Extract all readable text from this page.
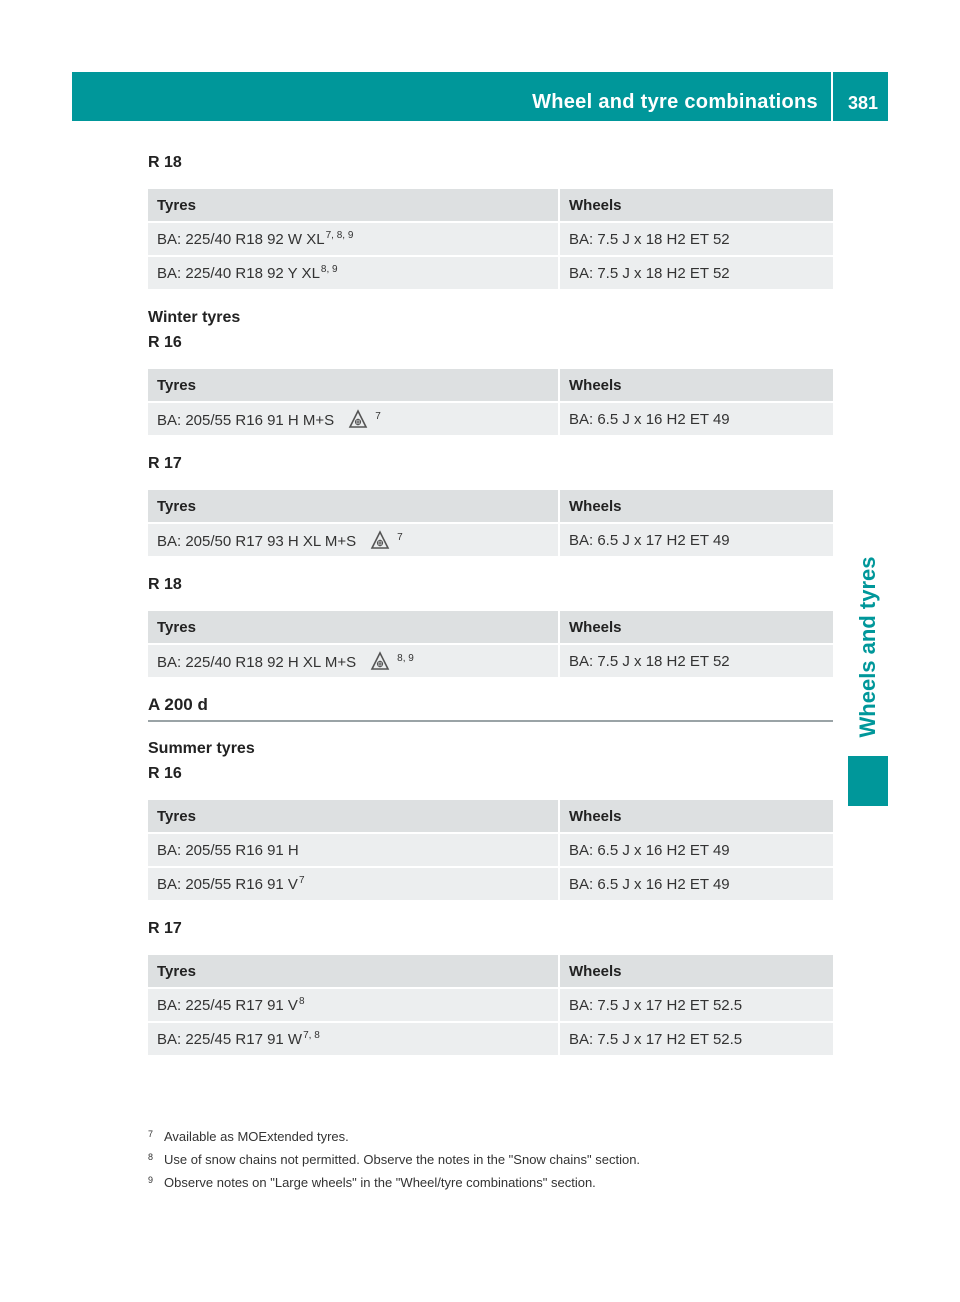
Wheel and tyre combinations 381
Wheels and tyres
R 18
Tyres	Wheels
BA: 225/40 R18 92 W XL$^{7, 8, 9}$	BA: 7.5 J x 18 H2 ET 52
BA: 225/40 R18 92 Y XL$^{8, 9}$	BA: 7.5 J x 18 H2 ET 52
Winter tyres
R 16
Tyres	Wheels
BA: 205/55 R16 91 H M+S $^7$	BA: 6.5 J x 16 H2 ET 49
R 17
Tyres	Wheels
BA: 205/50 R17 93 H XL M+S $^7$	BA: 6.5 J x 17 H2 ET 49
R 18
Tyres	Wheels
BA: 225/40 R18 92 H XL M+S $^{8, 9}$	BA: 7.5 J x 18 H2 ET 52
A 200 d
Summer tyres
R 16
Tyres	Wheels
BA: 205/55 R16 91 H	BA: 6.5 J x 16 H2 ET 49
BA: 205/55 R16 91 $V^7$	BA: 6.5 J x 16 H2 ET 49
R 17
Tyres	Wheels
BA: 225/45 R17 91 $V^8$	BA: 7.5 J x 17 H2 ET 52.5
BA: 225/45 R17 91 W$^{7, 8}$	BA: 7.5 J x 17 H2 ET 52.5
7 Available as MOExtended tyres.
8 Use of snow chains not permitted. Observe the notes in the "Snow chains" section.
9 Observe notes on "Large wheels" in the "Wheel/tyre combinations" section.
